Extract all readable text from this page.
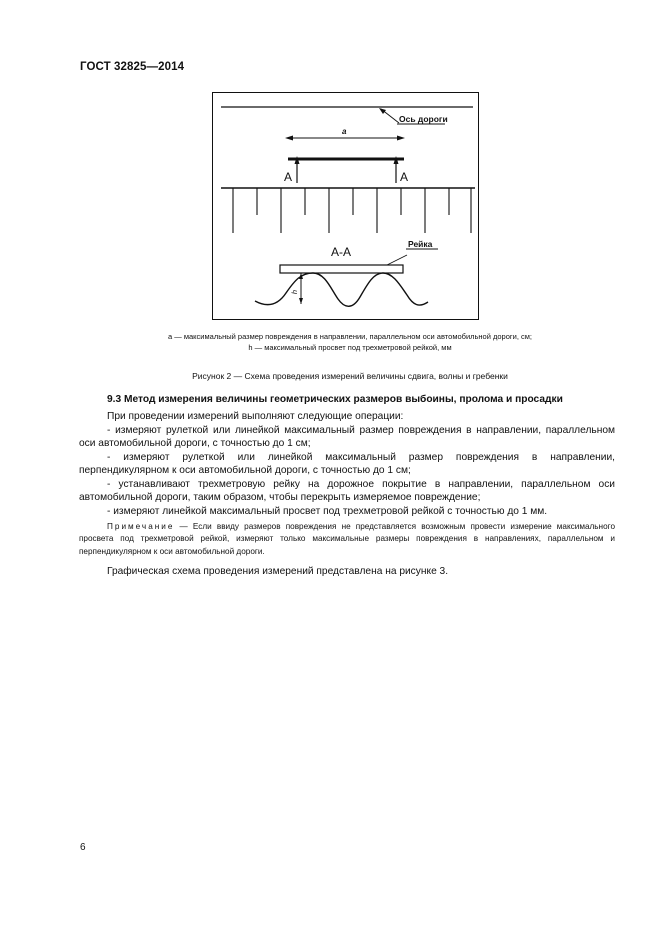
ГОСТ 32825—2014
Ось дороги
a
A	A
A-A
Рейка
h
a — максимальный размер повреждения в направлении, параллельном оси автомобильной дороги, см;
h — максимальный просвет под трехметровой рейкой, мм
Рисунок 2 — Схема проведения измерений величины сдвига, волны и гребенки
9.3 Метод измерения величины геометрических размеров выбоины, пролома и просадки

При проведении измерений выполняют следующие операции:

- измеряют рулеткой или линейкой максимальный размер повреждения в направлении, параллельном оси автомобильной дороги, с точностью до 1 см;

- измеряют рулеткой или линейкой максимальный размер повреждения в направлении, перпендикулярном к оси автомобильной дороги, с точностью до 1 см;

- устанавливают трехметровую рейку на дорожное покрытие в направлении, параллельном оси автомобильной дороги, таким образом, чтобы перекрыть измеряемое повреждение;

- измеряют линейкой максимальный просвет под трехметровой рейкой с точностью до 1 мм.

Примечание — Если ввиду размеров повреждения не представляется возможным провести измерение максимального просвета под трехметровой рейкой, измеряют только максимальные размеры повреждения в направлениях, параллельном и перпендикулярном к оси автомобильной дороги.

Графическая схема проведения измерений представлена на рисунке 3.
6
